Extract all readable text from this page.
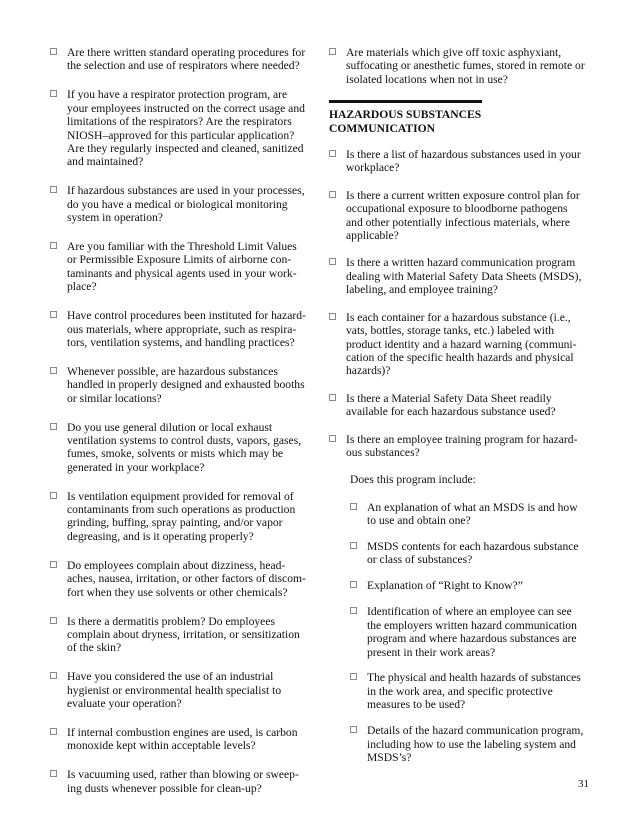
Are there written standard operating procedures for
the selection and use of respirators where needed?
If you have a respirator protection program, are
your employees instructed on the correct usage and
limitations of the respirators? Are the respirators
NIOSH–approved for this particular application?
Are they regularly inspected and cleaned, sanitized
and maintained?
If hazardous substances are used in your processes,
do you have a medical or biological monitoring
system in operation?
Are you familiar with the Threshold Limit Values
or Permissible Exposure Limits of airborne con-
taminants and physical agents used in your work-
place?
Have control procedures been instituted for hazard-
ous materials, where appropriate, such as respira-
tors, ventilation systems, and handling practices?
Whenever possible, are hazardous substances
handled in properly designed and exhausted booths
or similar locations?
Do you use general dilution or local exhaust
ventilation systems to control dusts, vapors, gases,
fumes, smoke, solvents or mists which may be
generated in your workplace?
Is ventilation equipment provided for removal of
contaminants from such operations as production
grinding, buffing, spray painting, and/or vapor
degreasing, and is it operating properly?
Do employees complain about dizziness, head-
aches, nausea, irritation, or other factors of discom-
fort when they use solvents or other chemicals?
Is there a dermatitis problem? Do employees
complain about dryness, irritation, or sensitization
of the skin?
Have you considered the use of an industrial
hygienist or environmental health specialist to
evaluate your operation?
If internal combustion engines are used, is carbon
monoxide kept within acceptable levels?
Is vacuuming used, rather than blowing or sweep-
ing dusts whenever possible for clean-up?
Are materials which give off toxic asphyxiant,
suffocating or anesthetic fumes, stored in remote or
isolated locations when not in use?
HAZARDOUS SUBSTANCES
COMMUNICATION
Is there a list of hazardous substances used in your
workplace?
Is there a current written exposure control plan for
occupational exposure to bloodborne pathogens
and other potentially infectious materials, where
applicable?
Is there a written hazard communication program
dealing with Material Safety Data Sheets (MSDS),
labeling, and employee training?
Is each container for a hazardous substance (i.e.,
vats, bottles, storage tanks, etc.) labeled with
product identity and a hazard warning (communi-
cation of the specific health hazards and physical
hazards)?
Is there a Material Safety Data Sheet readily
available for each hazardous substance used?
Is there an employee training program for hazard-
ous substances?
Does this program include:
An explanation of what an MSDS is and how
to use and obtain one?
MSDS contents for each hazardous substance
or class of substances?
Explanation of “Right to Know?”
Identification of where an employee can see
the employers written hazard communication
program and where hazardous substances are
present in their work areas?
The physical and health hazards of substances
in the work area, and specific protective
measures to be used?
Details of the hazard communication program,
including how to use the labeling system and
MSDS’s?
31
